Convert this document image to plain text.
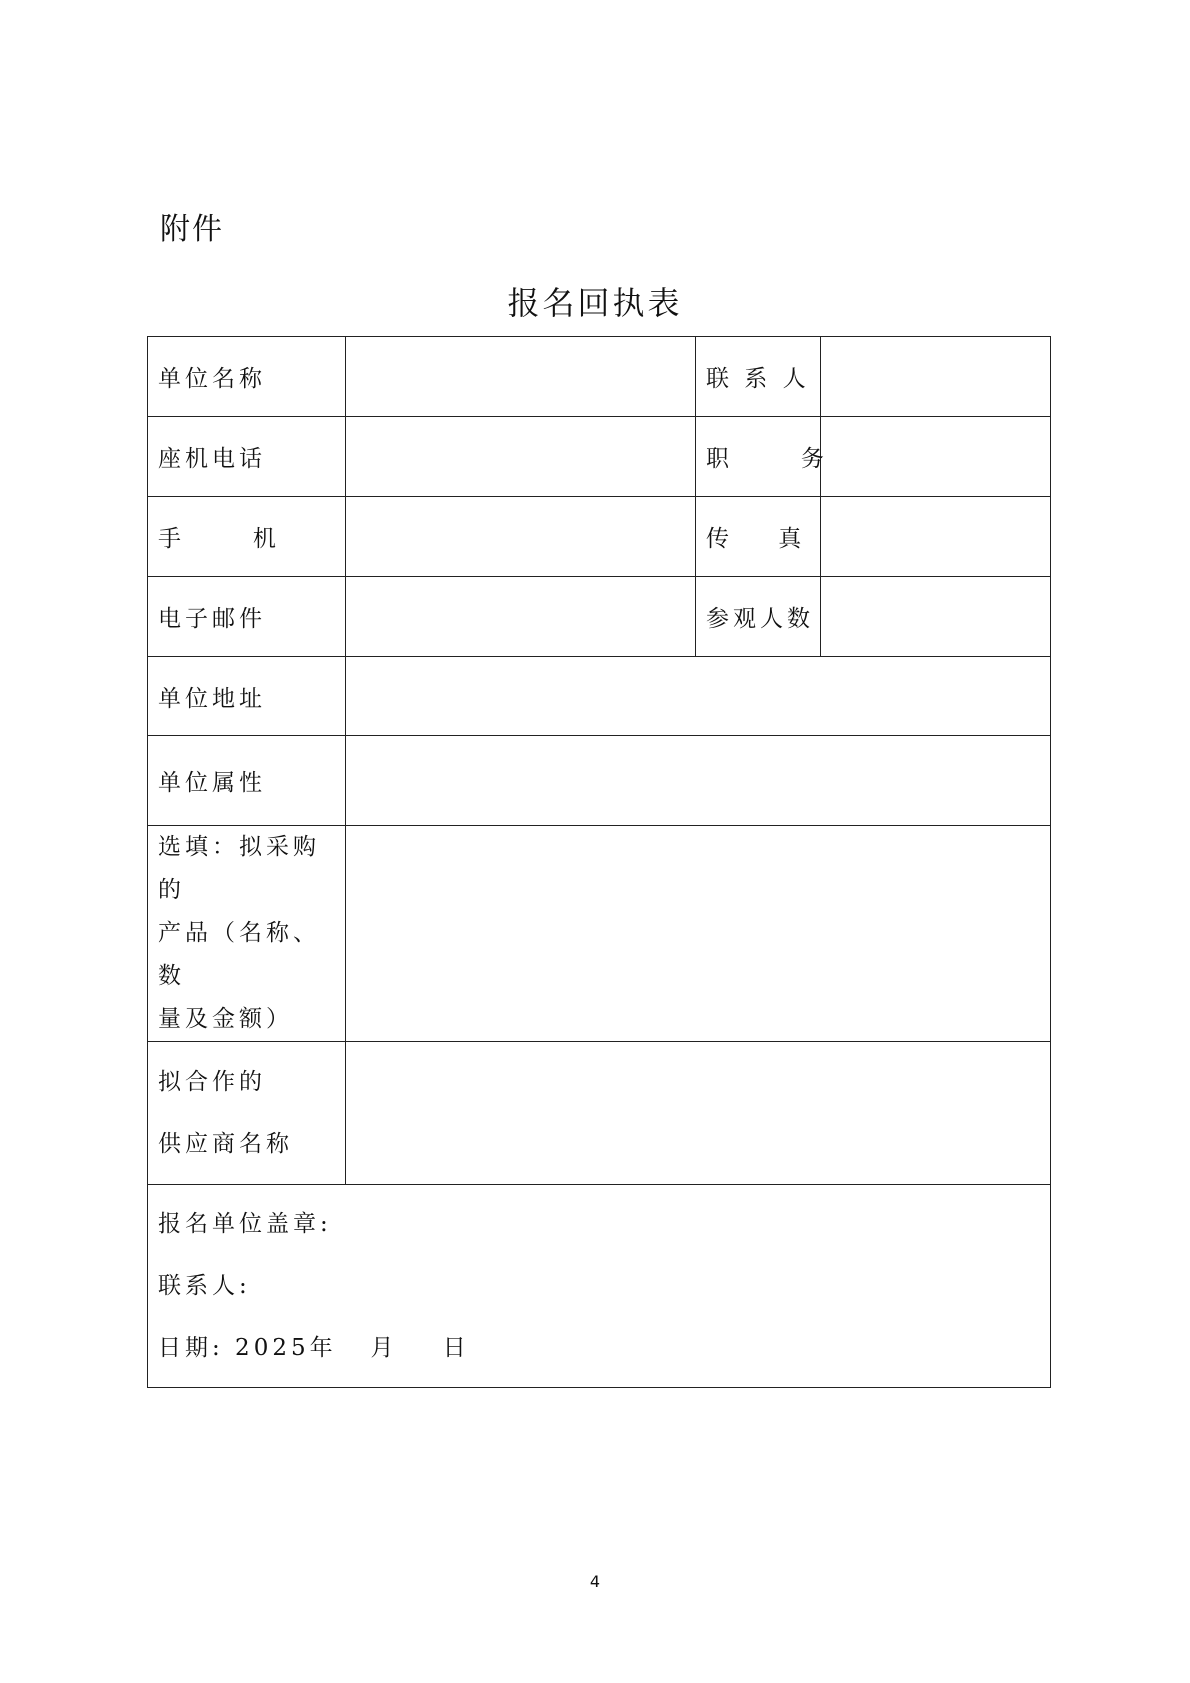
附件
报名回执表
单位名称		联 系 人	
座机电话		职      务	
手      机		传    真	
电子邮件		参观人数	
单位地址			
单位属性			

选填：拟采购的
产品（名称、数
量及金额）			

拟合作的
供应商名称			

报名单位盖章:
联系人:
日期: 2025年   月    日			
4
